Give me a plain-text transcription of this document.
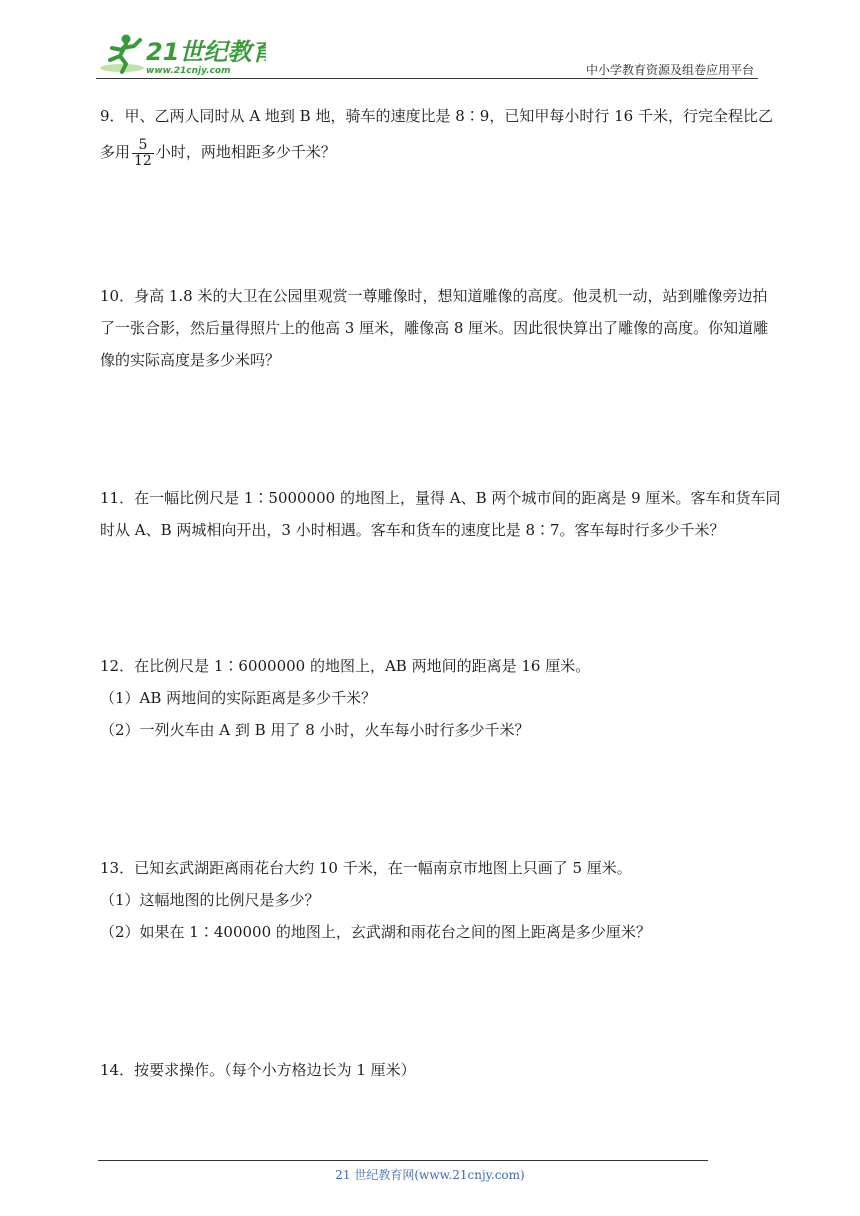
21世纪教育
www.21cnjy.com	中小学教育资源及组卷应用平台
9．甲、乙两人同时从 A 地到 B 地，骑车的速度比是 8∶9，已知甲每小时行 16 千米，行完全程比乙
多用 $\frac{5}{12}$ 小时，两地相距多少千米？
10．身高 1.8 米的大卫在公园里观赏一尊雕像时，想知道雕像的高度。他灵机一动，站到雕像旁边拍
了一张合影，然后量得照片上的他高 3 厘米，雕像高 8 厘米。因此很快算出了雕像的高度。你知道雕
像的实际高度是多少米吗？
11．在一幅比例尺是 1∶5000000 的地图上，量得 A、B 两个城市间的距离是 9 厘米。客车和货车同
时从 A、B 两城相向开出，3 小时相遇。客车和货车的速度比是 8∶7。客车每时行多少千米？
12．在比例尺是 1∶6000000 的地图上，AB 两地间的距离是 16 厘米。
（1）AB 两地间的实际距离是多少千米？
（2）一列火车由 A 到 B 用了 8 小时，火车每小时行多少千米？
13．已知玄武湖距离雨花台大约 10 千米，在一幅南京市地图上只画了 5 厘米。
（1）这幅地图的比例尺是多少？
（2）如果在 1∶400000 的地图上，玄武湖和雨花台之间的图上距离是多少厘米？
14．按要求操作。（每个小方格边长为 1 厘米）
21 世纪教育网(www.21cnjy.com)
